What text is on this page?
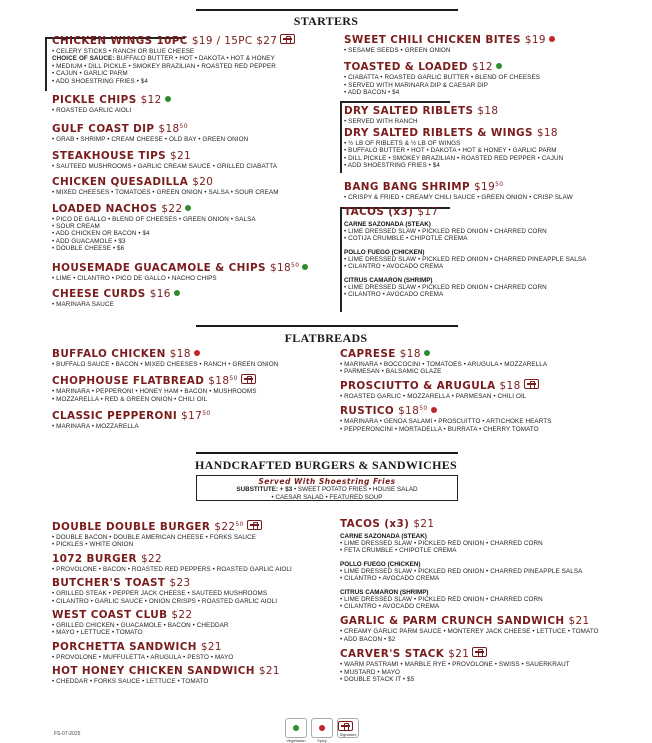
STARTERS
CHICKEN WINGS 10PC $19 / 15PC $27
• CELERY STICKS • RANCH OR BLUE CHEESE
CHOICE OF SAUCE: BUFFALO BUTTER • HOT • DAKOTA • HOT & HONEY
• MEDIUM • DILL PICKLE • SMOKEY BRAZILIAN • ROASTED RED PEPPER
• CAJUN • GARLIC PARM
• ADD SHOESTRING FRIES • $4
PICKLE CHIPS $12
• ROASTED GARLIC AIOLI
GULF COAST DIP $\$18^{50}$
• GRAB • SHRIMP • CREAM CHEESE • OLD BAY • GREEN ONION
STEAKHOUSE TIPS $21
• SAUTEED MUSHROOMS • GARLIC CREAM SAUCE • GRILLED CIABATTA
CHICKEN QUESADILLA $20
• MIXED CHEESES • TOMATOES • GREEN ONION • SALSA • SOUR CREAM
LOADED NACHOS $22
• PICO DE GALLO • BLEND OF CHEESES • GREEN ONION • SALSA
• SOUR CREAM
• ADD CHICKEN OR BACON • $4
• ADD GUACAMOLE • $3
• DOUBLE CHEESE • $6
HOUSEMADE GUACAMOLE & CHIPS $\$18^{50}$
• LIME • CILANTRO • PICO DE GALLO • NACHO CHIPS
CHEESE CURDS $16
• MARINARA SAUCE
SWEET CHILI CHICKEN BITES $19
• SESAME SEEDS • GREEN ONION
TOASTED & LOADED $12
• CIABATTA • ROASTED GARLIC BUTTER • BLEND OF CHEESES
• SERVED WITH MARINARA DIP & CAESAR DIP
• ADD BACON • $4
DRY SALTED RIBLETS $18
• SERVED WITH RANCH
DRY SALTED RIBLETS & WINGS $18
• ½ LB OF RIBLETS & ½ LB OF WINGS
• BUFFALO BUTTER • HOT • DAKOTA • HOT & HONEY • GARLIC PARM
• DILL PICKLE • SMOKEY BRAZILIAN • ROASTED RED PEPPER • CAJUN
• ADD SHOESTRING FRIES • $4
BANG BANG SHRIMP $\$19^{50}$
• CRISPY & FRIED • CREAMY CHILI SAUCE • GREEN ONION • CRISP SLAW
TACOS (x3) $17
CARNE SAZONADA (STEAK)
• LIME DRESSED SLAW • PICKLED RED ONION • CHARRED CORN
• COTIJA CRUMBLE • CHIPOTLE CREMA
POLLO FUEGO (CHICKEN)
• LIME DRESSED SLAW • PICKLED RED ONION • CHARRED PINEAPPLE SALSA
• CILANTRO • AVOCADO CREMA
CITRUS CAMARON (SHRIMP)
• LIME DRESSED SLAW • PICKLED RED ONION • CHARRED CORN
• CILANTRO • AVOCADO CREMA
FLATBREADS
BUFFALO CHICKEN $18
• BUFFALO SAUCE • BACON • MIXED CHEESES • RANCH • GREEN ONION
CHOPHOUSE FLATBREAD $\$18^{50}$
• MARINARA • PEPPERONI • HONEY HAM • BACON • MUSHROOMS
• MOZZARELLA • RED & GREEN ONION • CHILI OIL
CLASSIC PEPPERONI $\$17^{50}$
• MARINARA • MOZZARELLA
CAPRESE $18
• MARINARA • BOCCOCINI • TOMATOES • ARUGULA • MOZZARELLA
• PARMESAN • BALSAMIC GLAZE
PROSCIUTTO & ARUGULA $18
• ROASTED GARLIC • MOZZARELLA • PARMESAN • CHILI OIL
RUSTICO $\$18^{50}$
• MARINARA • GENOA SALAMI • PROSCUITTO • ARTICHOKE HEARTS
• PEPPERONCINI • MORTADELLA • BURRATA • CHERRY TOMATO
HANDCRAFTED BURGERS & SANDWICHES
Served With Shoestring Fries
SUBSTITUTE: + $3 • SWEET POTATO FRIES • HOUSE SALAD
• CAESAR SALAD • FEATURED SOUP
DOUBLE DOUBLE BURGER $\$22^{50}$
• DOUBLE BACON • DOUBLE AMERICAN CHEESE • FORKS SAUCE
• PICKLES • WHITE ONION
1072 BURGER $22
• PROVOLONE • BACON • ROASTED RED PEPPERS • ROASTED GARLIC AIOLI
BUTCHER'S TOAST $23
• GRILLED STEAK • PEPPER JACK CHEESE • SAUTEED MUSHROOMS
• CILANTRO • GARLIC SAUCE • ONION CRISPS • ROASTED GARLIC AIOLI
WEST COAST CLUB $22
• GRILLED CHICKEN • GUACAMOLE • BACON • CHEDDAR
• MAYO • LETTUCE • TOMATO
PORCHETTA SANDWICH $21
• PROVOLONE • MUFFULETTA • ARUGULA • PESTO • MAYO
HOT HONEY CHICKEN SANDWICH $21
• CHEDDAR • FORKS SAUCE • LETTUCE • TOMATO
TACOS (x3) $21
CARNE SAZONADA (STEAK)
• LIME DRESSED SLAW • PICKLED RED ONION • CHARRED CORN
• FETA CRUMBLE • CHIPOTLE CREMA
POLLO FUEGO (CHICKEN)
• LIME DRESSED SLAW • PICKLED RED ONION • CHARRED PINEAPPLE SALSA
• CILANTRO • AVOCADO CREMA
CITRUS CAMARON (SHRIMP)
• LIME DRESSED SLAW • PICKLED RED ONION • CHARRED CORN
• CILANTRO • AVOCADO CREMA
GARLIC & PARM CRUNCH SANDWICH $21
• CREAMY GARLIC PARM SAUCE • MONTEREY JACK CHEESE • LETTUCE • TOMATO
• ADD BACON • $2
CARVER'S STACK $21
• WARM PASTRAMI • MARBLE RYE • PROVOLONE • SWISS • SAUERKRAUT
• MUSTARD • MAYO
• DOUBLE STACK IT • $5
Vegetarian	Spicy
Signature
FS-07-2025
